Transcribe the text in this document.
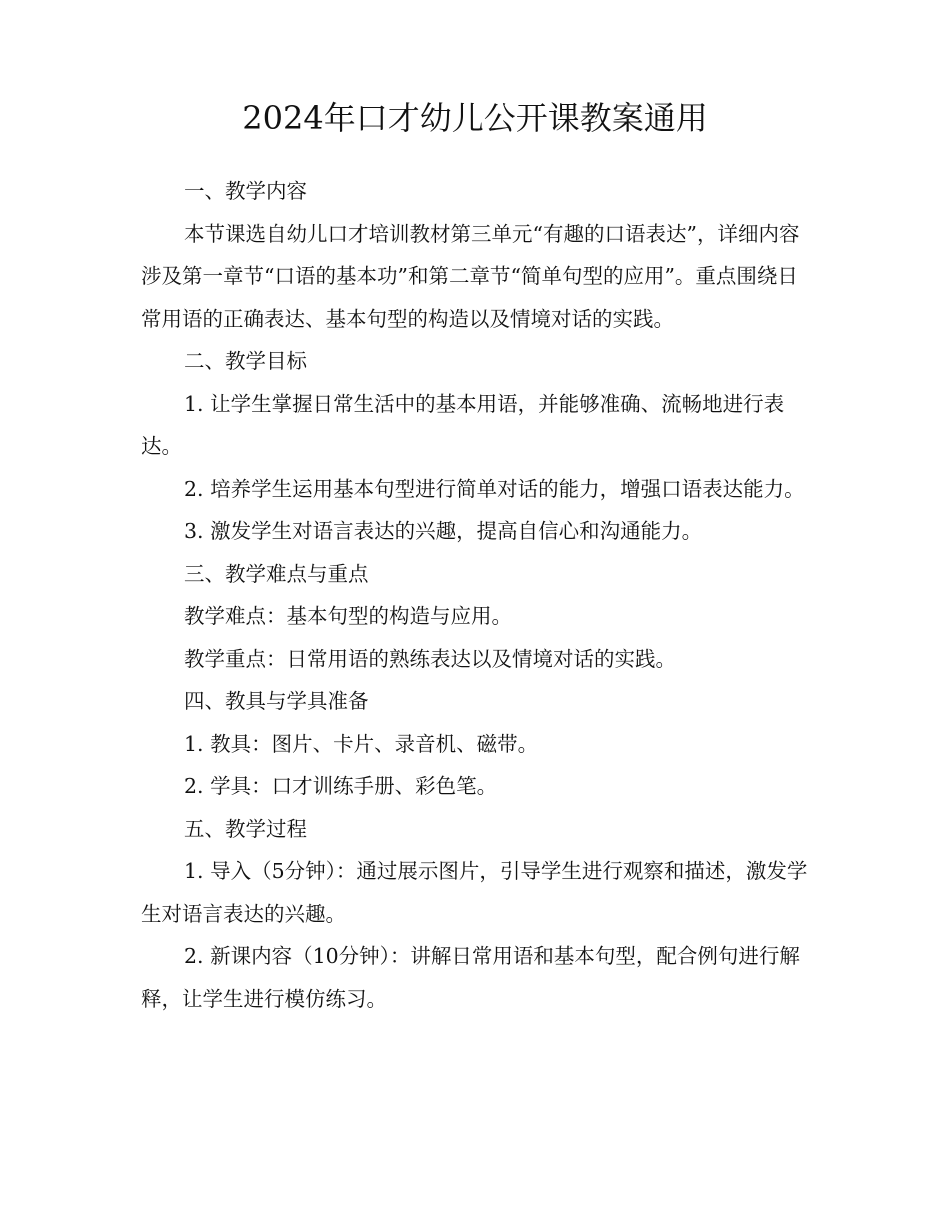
2024年口才幼儿公开课教案通用

一、教学内容

本节课选自幼儿口才培训教材第三单元“有趣的口语表达”，详细内容涉及第一章节“口语的基本功”和第二章节“简单句型的应用”。重点围绕日常用语的正确表达、基本句型的构造以及情境对话的实践。

二、教学目标

1. 让学生掌握日常生活中的基本用语，并能够准确、流畅地进行表达。

2. 培养学生运用基本句型进行简单对话的能力，增强口语表达能力。

3. 激发学生对语言表达的兴趣，提高自信心和沟通能力。

三、教学难点与重点

教学难点：基本句型的构造与应用。

教学重点：日常用语的熟练表达以及情境对话的实践。

四、教具与学具准备

1. 教具：图片、卡片、录音机、磁带。

2. 学具：口才训练手册、彩色笔。

五、教学过程

1. 导入（5分钟）：通过展示图片，引导学生进行观察和描述，激发学生对语言表达的兴趣。

2. 新课内容（10分钟）：讲解日常用语和基本句型，配合例句进行解释，让学生进行模仿练习。
